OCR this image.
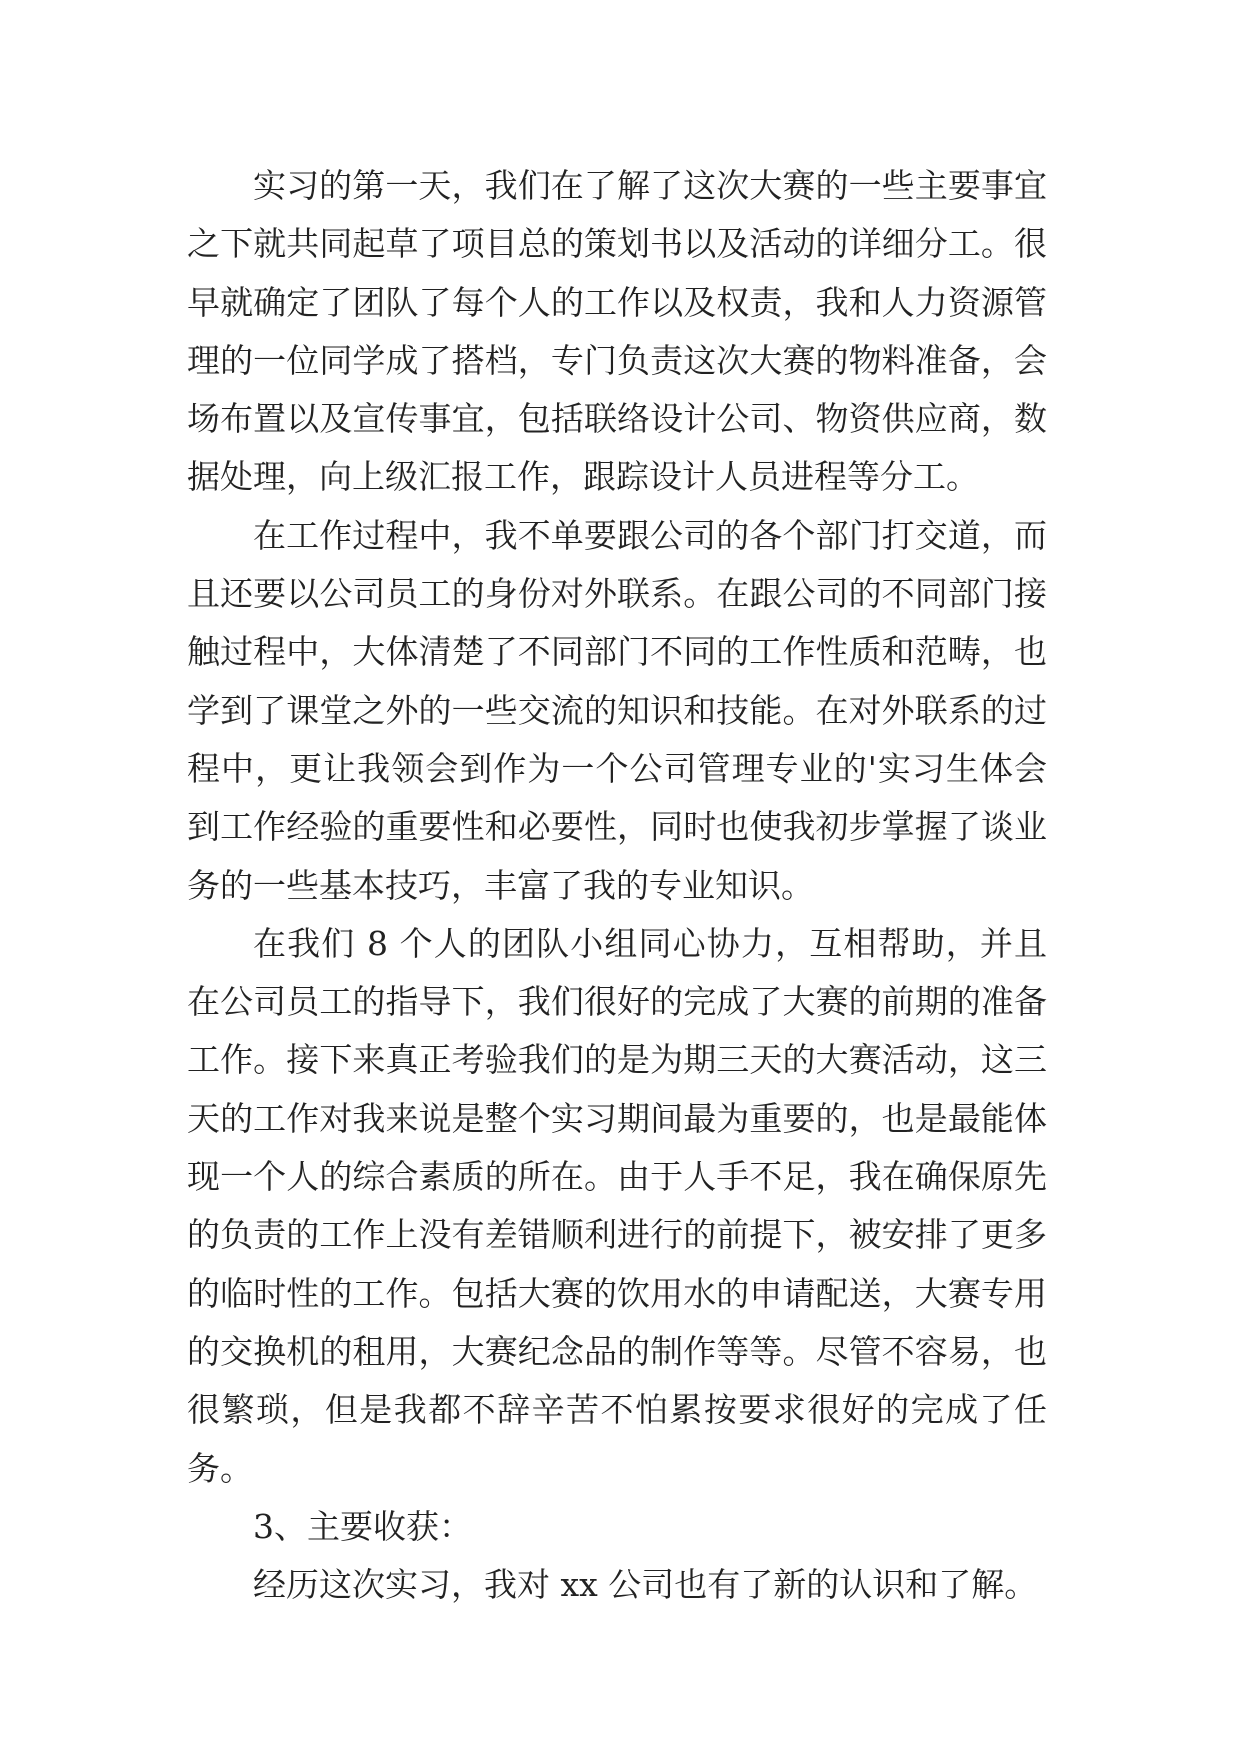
实习的第一天，我们在了解了这次大赛的一些主要事宜之下就共同起草了项目总的策划书以及活动的详细分工。很早就确定了团队了每个人的工作以及权责，我和人力资源管理的一位同学成了搭档，专门负责这次大赛的物料准备，会场布置以及宣传事宜，包括联络设计公司、物资供应商，数据处理，向上级汇报工作，跟踪设计人员进程等分工。

在工作过程中，我不单要跟公司的各个部门打交道，而且还要以公司员工的身份对外联系。在跟公司的不同部门接触过程中，大体清楚了不同部门不同的工作性质和范畴，也学到了课堂之外的一些交流的知识和技能。在对外联系的过程中，更让我领会到作为一个公司管理专业的'实习生体会到工作经验的重要性和必要性，同时也使我初步掌握了谈业务的一些基本技巧，丰富了我的专业知识。

在我们 8 个人的团队小组同心协力，互相帮助，并且在公司员工的指导下，我们很好的完成了大赛的前期的准备工作。接下来真正考验我们的是为期三天的大赛活动，这三天的工作对我来说是整个实习期间最为重要的，也是最能体现一个人的综合素质的所在。由于人手不足，我在确保原先的负责的工作上没有差错顺利进行的前提下，被安排了更多的临时性的工作。包括大赛的饮用水的申请配送，大赛专用的交换机的租用，大赛纪念品的制作等等。尽管不容易，也很繁琐，但是我都不辞辛苦不怕累按要求很好的完成了任务。

3、主要收获：

经历这次实习，我对 xx 公司也有了新的认识和了解。
